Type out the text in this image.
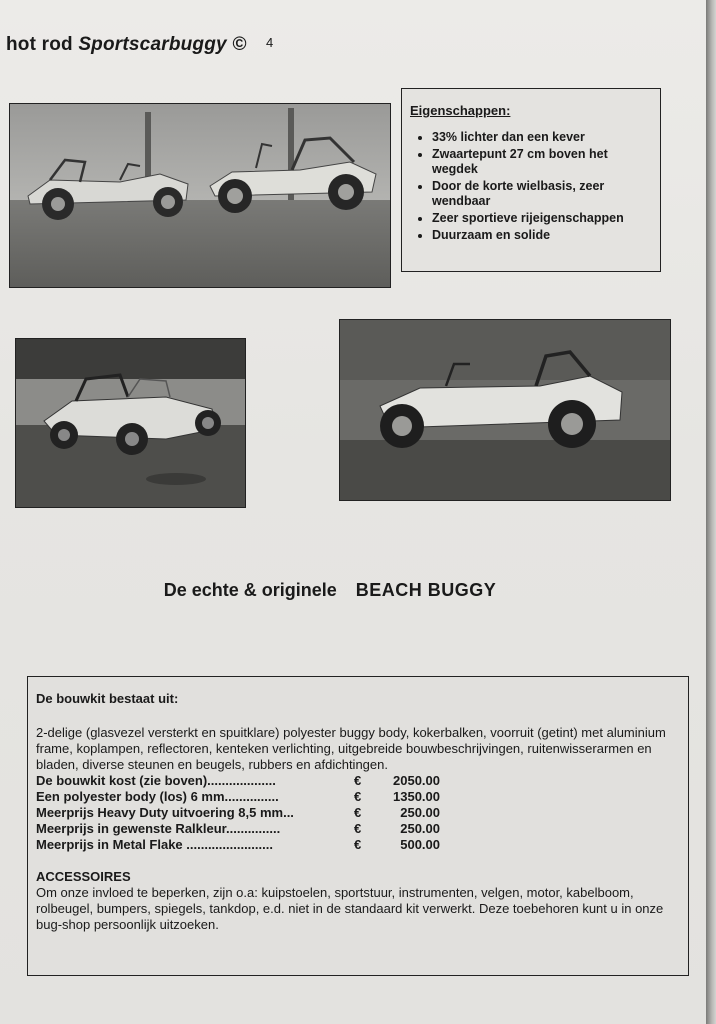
hot rod Sportscarbuggy © 4
Eigenschappen:
• 33% lichter dan een kever
• Zwaartepunt 27 cm boven het wegdek
• Door de korte wielbasis, zeer wendbaar
• Zeer sportieve rijeigenschappen
• Duurzaam en solide
De echte & originele BEACH BUGGY
De bouwkit bestaat uit:

2-delige (glasvezel versterkt en spuitklare) polyester buggy body, kokerbalken, voorruit (getint) met aluminium frame, koplampen, reflectoren, kenteken verlichting, uitgebreide bouwbeschrijvingen, ruitenwisserarmen en bladen, diverse steunen en beugels, rubbers en afdichtingen.

De bouwkit kost (zie boven)...................	€	2050.00
Een polyester body (los) 6 mm...............	€	1350.00
Meerprijs Heavy Duty uitvoering 8,5 mm...	€	250.00
Meerprijs in gewenste Ralkleur...............	€	250.00
Meerprijs in Metal Flake ........................	€	500.00
ACCESSOIRES

Om onze invloed te beperken, zijn o.a: kuipstoelen, sportstuur, instrumenten, velgen, motor, kabelboom, rolbeugel, bumpers, spiegels, tankdop, e.d. niet in de standaard kit verwerkt. Deze toebehoren kunt u in onze bug-shop persoonlijk uitzoeken.
